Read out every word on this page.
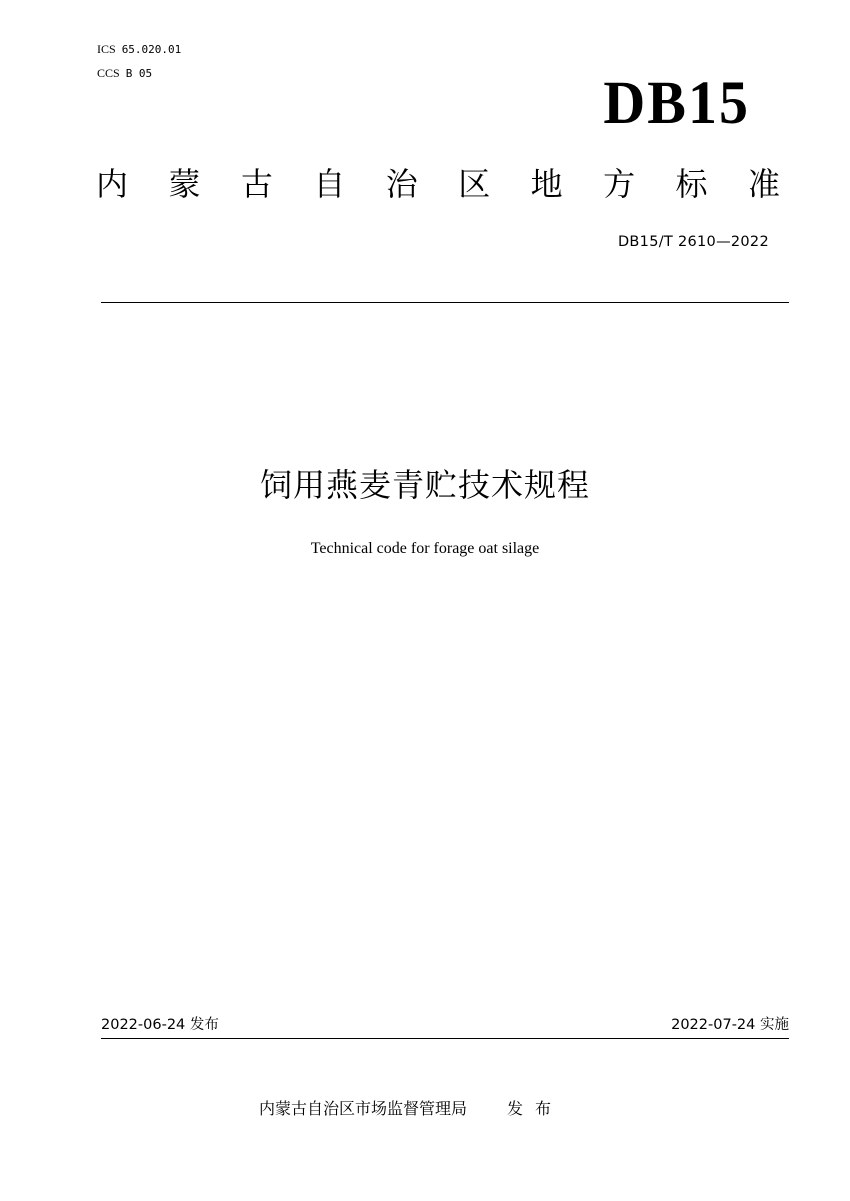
ICS 65.020.01
CCS B 05	DB15
内 蒙 古 自 治 区 地 方 标 准
DB15/T 2610—2022
饲用燕麦青贮技术规程
Technical code for forage oat silage
2022-06-24 发布	2022-07-24 实施
内蒙古自治区市场监督管理局	发布
